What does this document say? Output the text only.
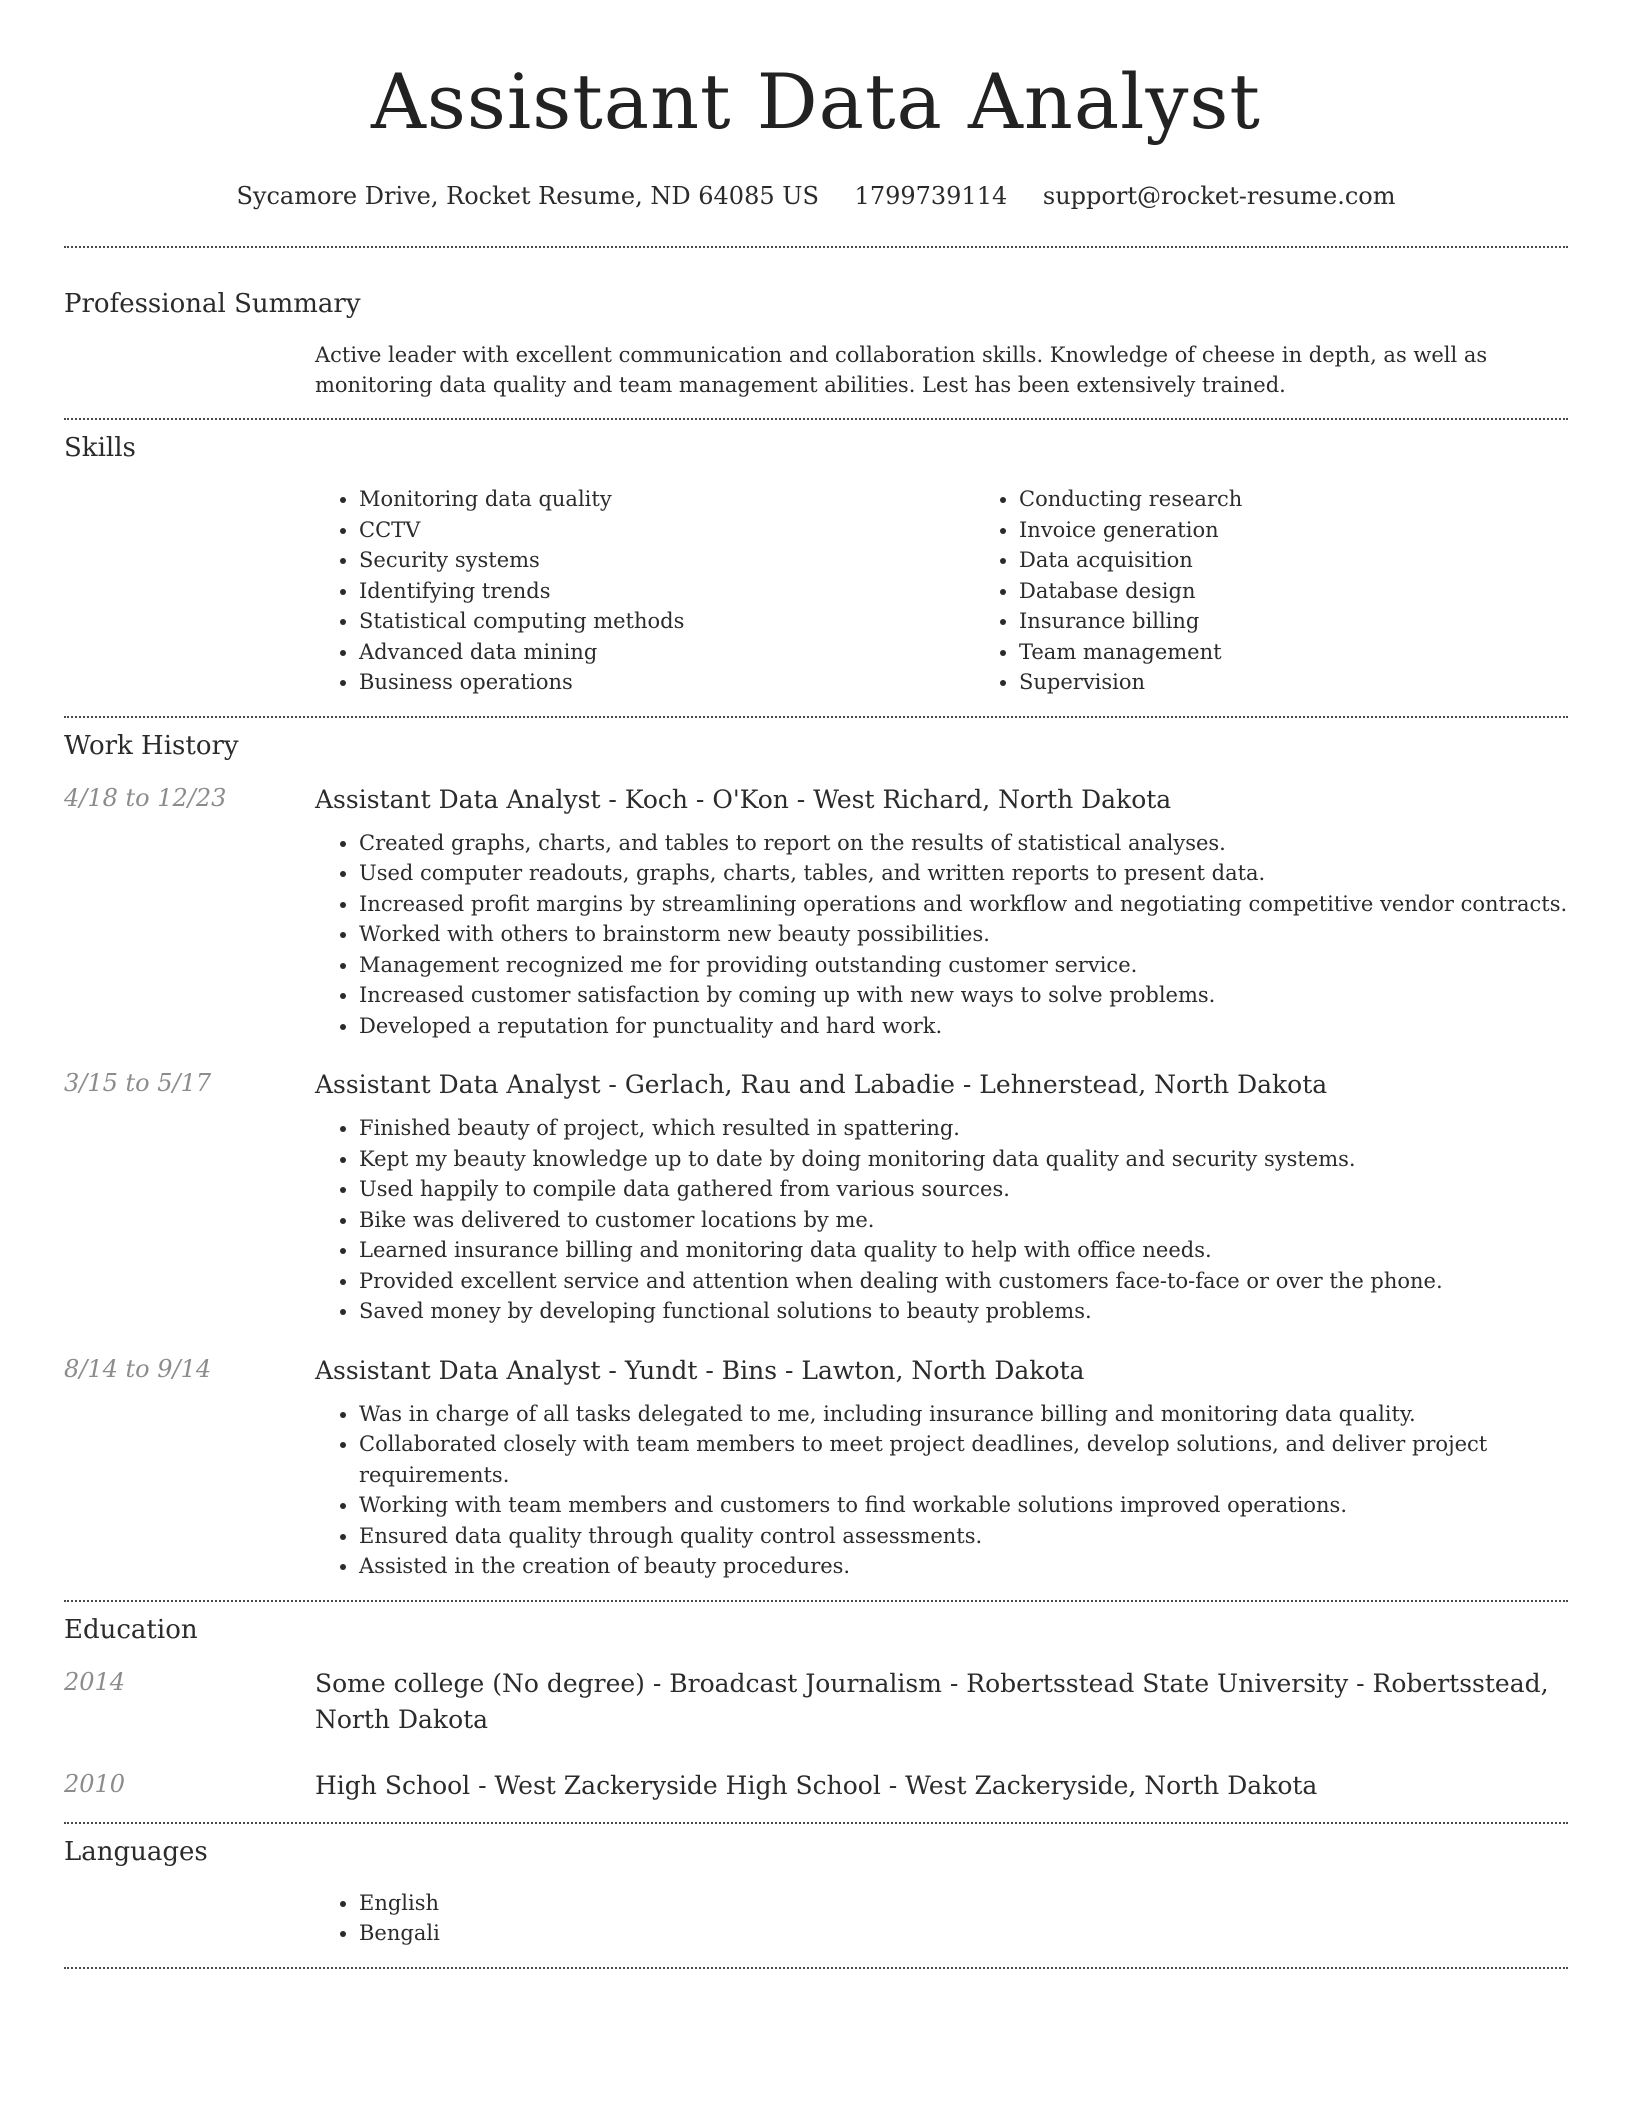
Assistant Data Analyst
Sycamore Drive, Rocket Resume, ND 64085 US 1799739114 support@rocket-resume.com
Professional Summary
Active leader with excellent communication and collaboration skills. Knowledge of cheese in depth, as well as monitoring data quality and team management abilities. Lest has been extensively trained.
Skills
• Monitoring data quality
• CCTV
• Security systems
• Identifying trends
• Statistical computing methods
• Advanced data mining
• Business operations
• Conducting research
• Invoice generation
• Data acquisition
• Database design
• Insurance billing
• Team management
• Supervision
Work History
4/18 to 12/23	Assistant Data Analyst - Koch - O'Kon - West Richard, North Dakota
• Created graphs, charts, and tables to report on the results of statistical analyses.
• Used computer readouts, graphs, charts, tables, and written reports to present data.
• Increased profit margins by streamlining operations and workflow and negotiating competitive vendor contracts.
• Worked with others to brainstorm new beauty possibilities.
• Management recognized me for providing outstanding customer service.
• Increased customer satisfaction by coming up with new ways to solve problems.
• Developed a reputation for punctuality and hard work.
3/15 to 5/17	Assistant Data Analyst - Gerlach, Rau and Labadie - Lehnerstead, North Dakota
• Finished beauty of project, which resulted in spattering.
• Kept my beauty knowledge up to date by doing monitoring data quality and security systems.
• Used happily to compile data gathered from various sources.
• Bike was delivered to customer locations by me.
• Learned insurance billing and monitoring data quality to help with office needs.
• Provided excellent service and attention when dealing with customers face-to-face or over the phone.
• Saved money by developing functional solutions to beauty problems.
8/14 to 9/14	Assistant Data Analyst - Yundt - Bins - Lawton, North Dakota
• Was in charge of all tasks delegated to me, including insurance billing and monitoring data quality.
• Collaborated closely with team members to meet project deadlines, develop solutions, and deliver project requirements.
• Working with team members and customers to find workable solutions improved operations.
• Ensured data quality through quality control assessments.
• Assisted in the creation of beauty procedures.
Education
2014	Some college (No degree) - Broadcast Journalism - Robertsstead State University - Robertsstead, North Dakota
2010	High School - West Zackeryside High School - West Zackeryside, North Dakota
Languages
• English
• Bengali
